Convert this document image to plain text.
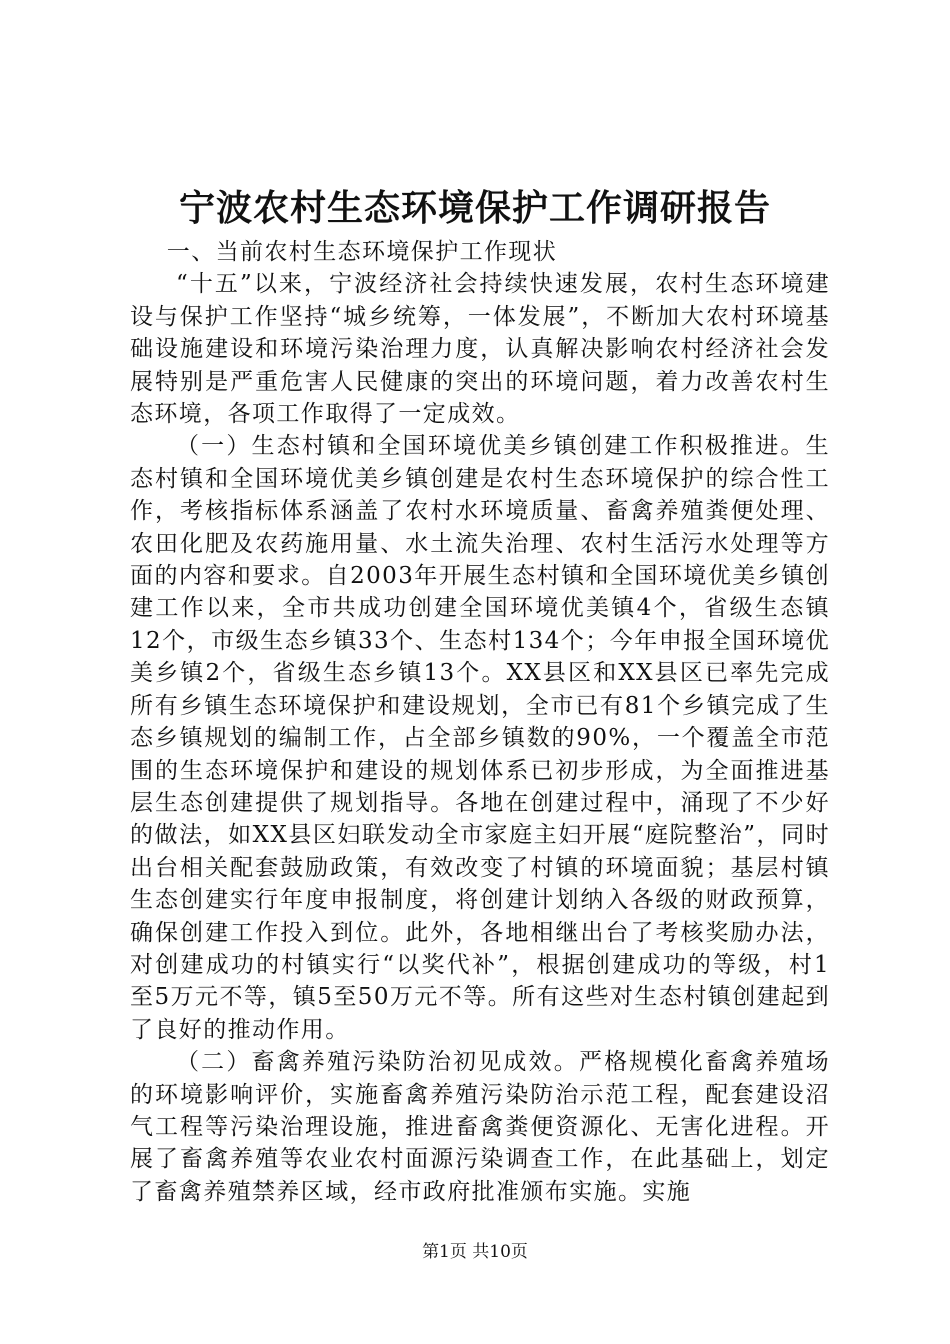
宁波农村生态环境保护工作调研报告

一、当前农村生态环境保护工作现状

“十五”以来，宁波经济社会持续快速发展，农村生态环境建设与保护工作坚持“城乡统筹，一体发展”，不断加大农村环境基础设施建设和环境污染治理力度，认真解决影响农村经济社会发展特别是严重危害人民健康的突出的环境问题，着力改善农村生态环境，各项工作取得了一定成效。

（一）生态村镇和全国环境优美乡镇创建工作积极推进。生态村镇和全国环境优美乡镇创建是农村生态环境保护的综合性工作，考核指标体系涵盖了农村水环境质量、畜禽养殖粪便处理、农田化肥及农药施用量、水土流失治理、农村生活污水处理等方面的内容和要求。自2003年开展生态村镇和全国环境优美乡镇创建工作以来，全市共成功创建全国环境优美镇4个，省级生态镇12个，市级生态乡镇33个、生态村134个；今年申报全国环境优美乡镇2个，省级生态乡镇13个。XX县区和XX县区已率先完成所有乡镇生态环境保护和建设规划，全市已有81个乡镇完成了生态乡镇规划的编制工作，占全部乡镇数的90%，一个覆盖全市范围的生态环境保护和建设的规划体系已初步形成，为全面推进基层生态创建提供了规划指导。各地在创建过程中，涌现了不少好的做法，如XX县区妇联发动全市家庭主妇开展“庭院整治”，同时出台相关配套鼓励政策，有效改变了村镇的环境面貌；基层村镇生态创建实行年度申报制度，将创建计划纳入各级的财政预算，确保创建工作投入到位。此外，各地相继出台了考核奖励办法，对创建成功的村镇实行“以奖代补”，根据创建成功的等级，村1至5万元不等，镇5至50万元不等。所有这些对生态村镇创建起到了良好的推动作用。

（二）畜禽养殖污染防治初见成效。严格规模化畜禽养殖场的环境影响评价，实施畜禽养殖污染防治示范工程，配套建设沼气工程等污染治理设施，推进畜禽粪便资源化、无害化进程。开展了畜禽养殖等农业农村面源污染调查工作，在此基础上，划定了畜禽养殖禁养区域，经市政府批准颁布实施。实施

第1页 共10页
